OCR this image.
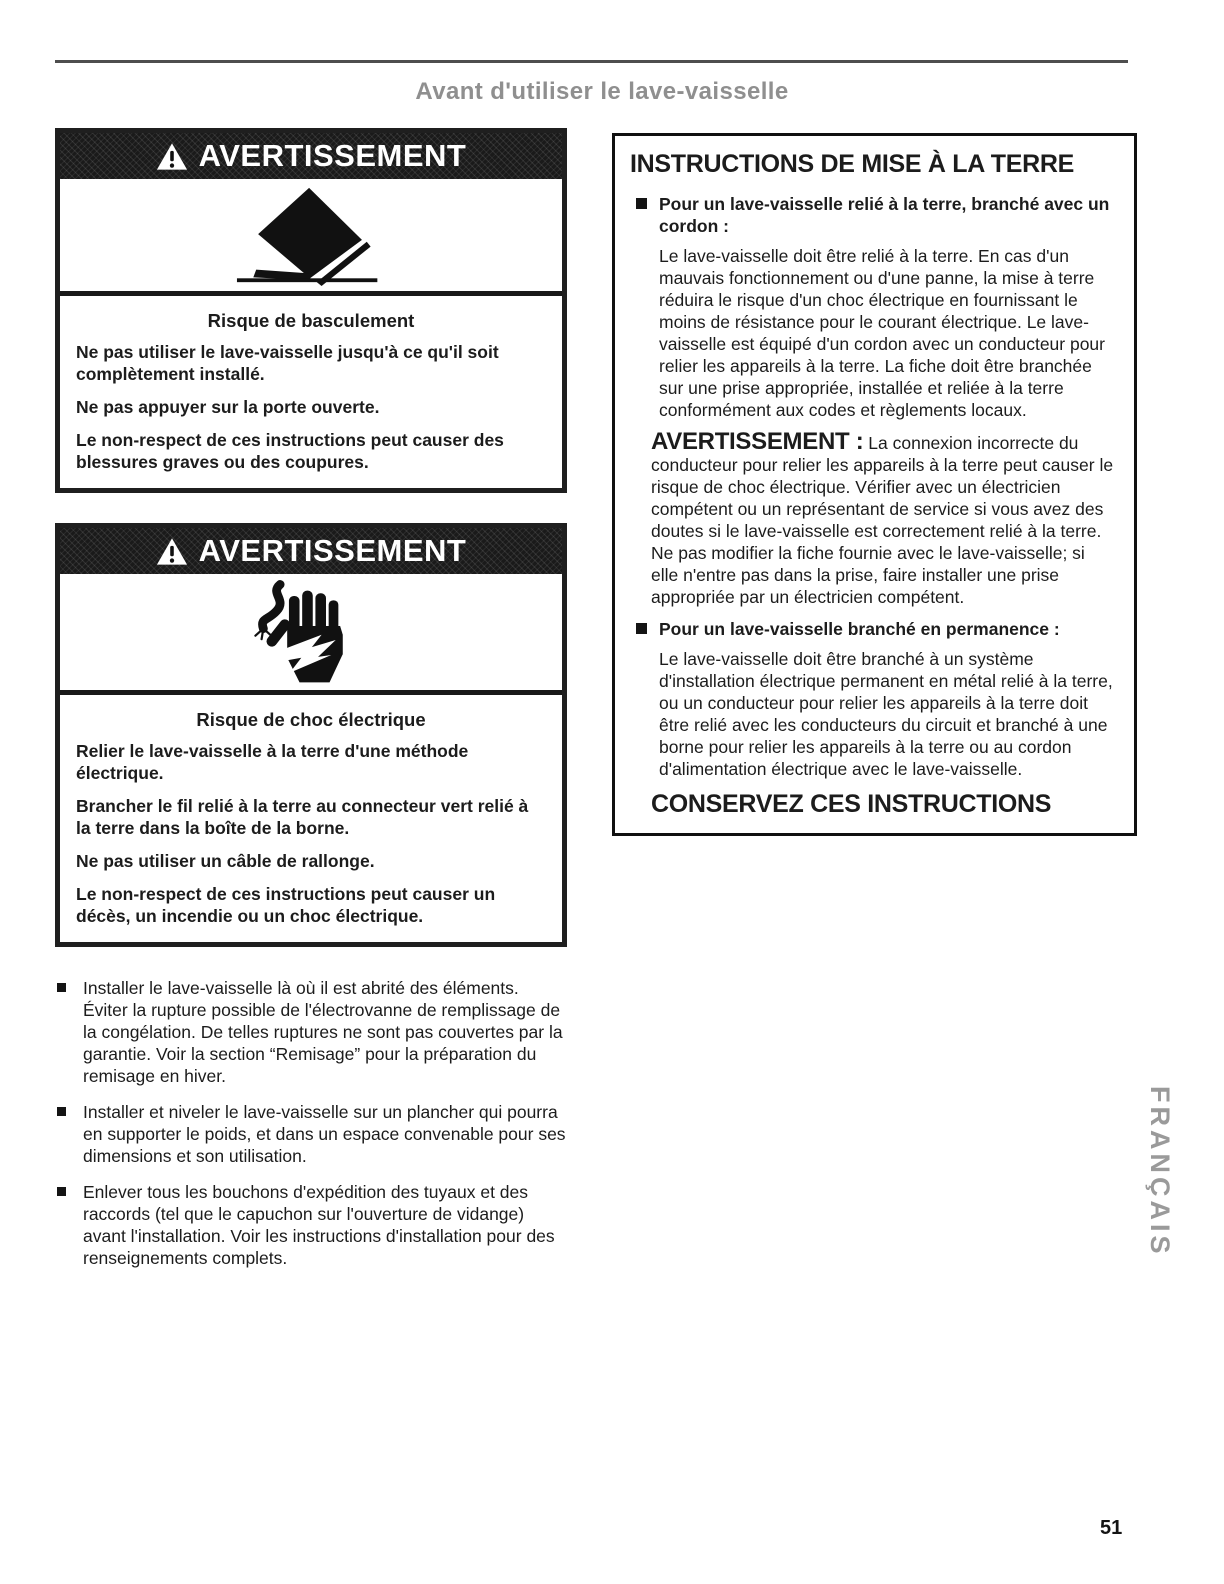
Avant d'utiliser le lave-vaisselle
AVERTISSEMENT
Risque de basculement

Ne pas utiliser le lave-vaisselle jusqu'à ce qu'il soit complètement installé.

Ne pas appuyer sur la porte ouverte.

Le non-respect de ces instructions peut causer des blessures graves ou des coupures.

AVERTISSEMENT
Risque de choc électrique

Relier le lave-vaisselle à la terre d'une méthode électrique.

Brancher le fil relié à la terre au connecteur vert relié à la terre dans la boîte de la borne.

Ne pas utiliser un câble de rallonge.

Le non-respect de ces instructions peut causer un décès, un incendie ou un choc électrique.

Installer le lave-vaisselle là où il est abrité des éléments. Éviter la rupture possible de l'électrovanne de remplissage de la congélation. De telles ruptures ne sont pas couvertes par la garantie. Voir la section “Remisage” pour la préparation du remisage en hiver.
Installer et niveler le lave-vaisselle sur un plancher qui pourra en supporter le poids, et dans un espace convenable pour ses dimensions et son utilisation.
Enlever tous les bouchons d'expédition des tuyaux et des raccords (tel que le capuchon sur l'ouverture de vidange) avant l'installation. Voir les instructions d'installation pour des renseignements complets.
INSTRUCTIONS DE MISE À LA TERRE
Pour un lave-vaisselle relié à la terre, branché avec un cordon :

Le lave-vaisselle doit être relié à la terre. En cas d'un mauvais fonctionnement ou d'une panne, la mise à terre réduira le risque d'un choc électrique en fournissant le moins de résistance pour le courant électrique. Le lave-vaisselle est équipé d'un cordon avec un conducteur pour relier les appareils à la terre. La fiche doit être branchée sur une prise appropriée, installée et reliée à la terre conformément aux codes et règlements locaux.

AVERTISSEMENT : La connexion incorrecte du conducteur pour relier les appareils à la terre peut causer le risque de choc électrique. Vérifier avec un électricien compétent ou un représentant de service si vous avez des doutes si le lave-vaisselle est correctement relié à la terre. Ne pas modifier la fiche fournie avec le lave-vaisselle; si elle n'entre pas dans la prise, faire installer une prise appropriée par un électricien compétent.

Pour un lave-vaisselle branché en permanence :

Le lave-vaisselle doit être branché à un système d'installation électrique permanent en métal relié à la terre, ou un conducteur pour relier les appareils à la terre doit être relié avec les conducteurs du circuit et branché à une borne pour relier les appareils à la terre ou au cordon d'alimentation électrique avec le lave-vaisselle.

CONSERVEZ CES INSTRUCTIONS
FRANÇAIS
51
